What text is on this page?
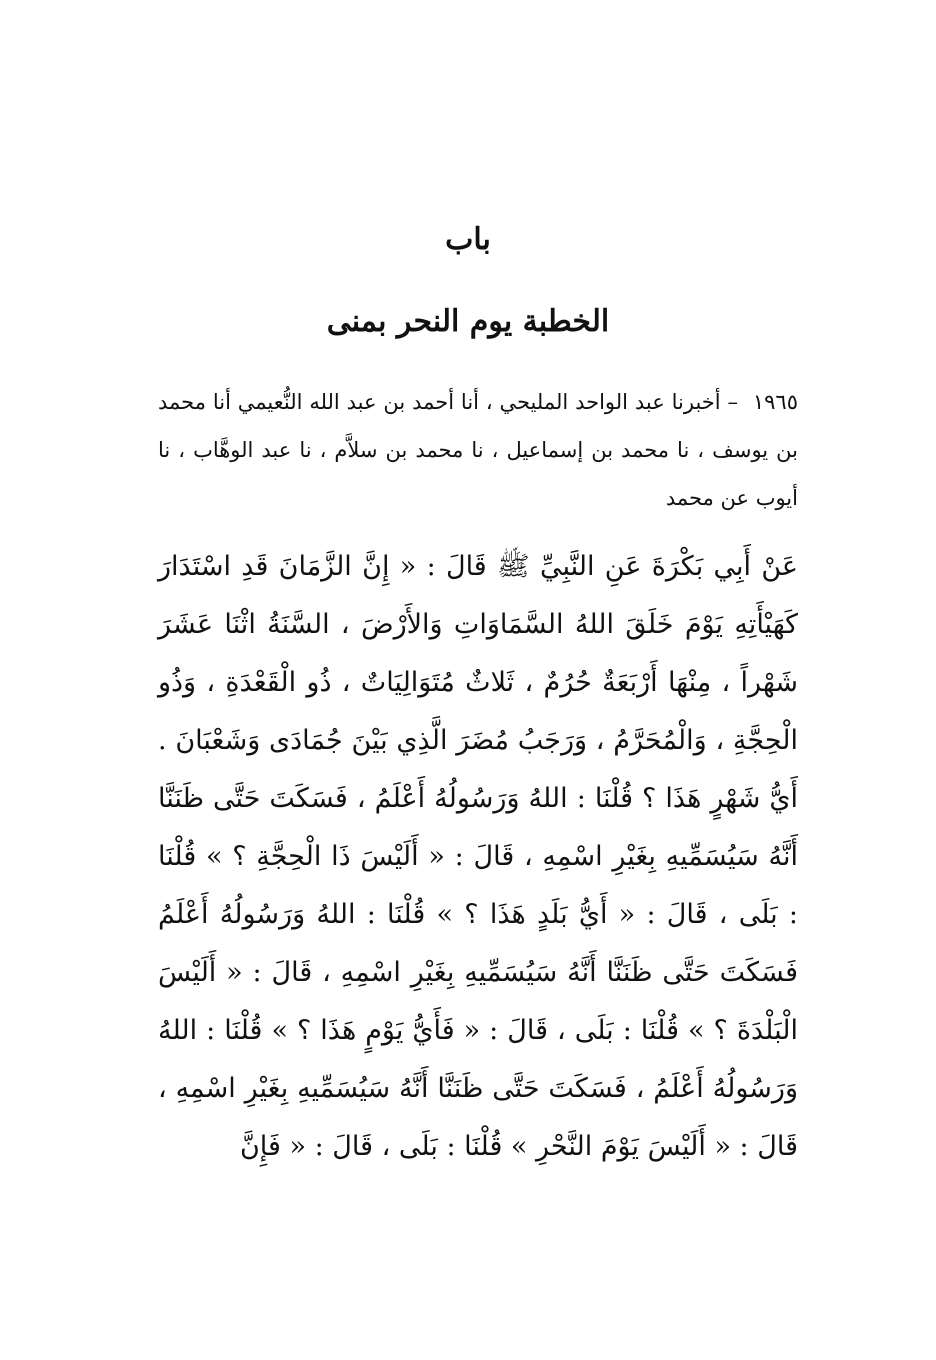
باب
الخطبة يوم النحر بمنى
١٩٦٥ – أخبرنا عبد الواحد المليحي ، أنا أحمد بن عبد الله النُّعيمي أنا محمد بن يوسف ، نا محمد بن إسماعيل ، نا محمد بن سلاَّم ، نا عبد الوهَّاب ، نا أيوب عن محمد
عَنْ أَبِي بَكْرَةَ عَنِ النَّبِيِّ ﷺ قَالَ : « إِنَّ الزَّمَانَ قَدِ اسْتَدَارَ كَهَيْأَتِهِ يَوْمَ خَلَقَ اللهُ السَّمَاوَاتِ وَالأَرْضَ ، السَّنَةُ اثْنَا عَشَرَ شَهْراً ، مِنْهَا أَرْبَعَةٌ حُرُمٌ ، ثَلاثٌ مُتَوَالِيَاتٌ ، ذُو الْقَعْدَةِ ، وَذُو الْحِجَّةِ ، وَالْمُحَرَّمُ ، وَرَجَبُ مُضَرَ الَّذِي بَيْنَ جُمَادَى وَشَعْبَانَ . أَيُّ شَهْرٍ هَذَا ؟ قُلْنَا : اللهُ وَرَسُولُهُ أَعْلَمُ ، فَسَكَتَ حَتَّى ظَنَنَّا أَنَّهُ سَيُسَمِّيهِ بِغَيْرِ اسْمِهِ ، قَالَ : « أَلَيْسَ ذَا الْحِجَّةِ ؟ » قُلْنَا : بَلَى ، قَالَ : « أَيُّ بَلَدٍ هَذَا ؟ » قُلْنَا : اللهُ وَرَسُولُهُ أَعْلَمُ فَسَكَتَ حَتَّى ظَنَنَّا أَنَّهُ سَيُسَمِّيهِ بِغَيْرِ اسْمِهِ ، قَالَ : « أَلَيْسَ الْبَلْدَةَ ؟ » قُلْنَا : بَلَى ، قَالَ : « فَأَيُّ يَوْمٍ هَذَا ؟ » قُلْنَا : اللهُ وَرَسُولُهُ أَعْلَمُ ، فَسَكَتَ حَتَّى ظَنَنَّا أَنَّهُ سَيُسَمِّيهِ بِغَيْرِ اسْمِهِ ، قَالَ : « أَلَيْسَ يَوْمَ النَّحْرِ » قُلْنَا : بَلَى ، قَالَ : « فَإِنَّ
